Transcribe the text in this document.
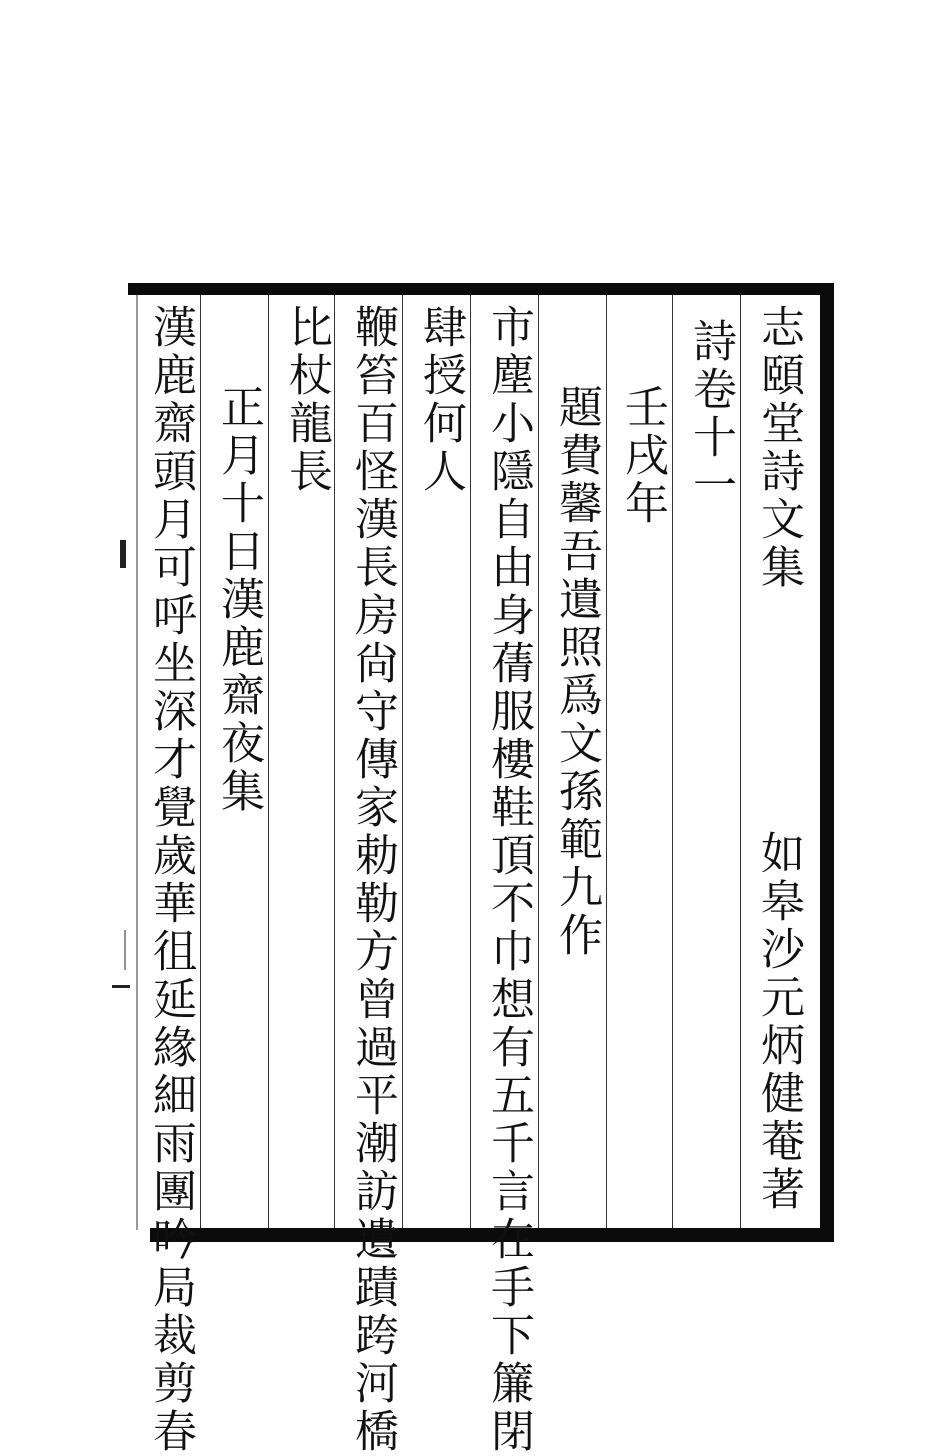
志頤堂詩文集
如皋沙元炳健菴著
詩卷十一
壬戌年
題費馨吾遺照爲文孫範九作
市塵小隱自由身蒨服樓鞋頂不巾想有五千言在手下簾閉
肆授何人
鞭笞百怪漢長房尙守傳家勅勒方曾過平潮訪遺蹟跨河橋
比杖龍長
正月十日漢鹿齋夜集
漢鹿齋頭月可呼坐深才覺歲華徂延緣細雨團吟局裁剪春
